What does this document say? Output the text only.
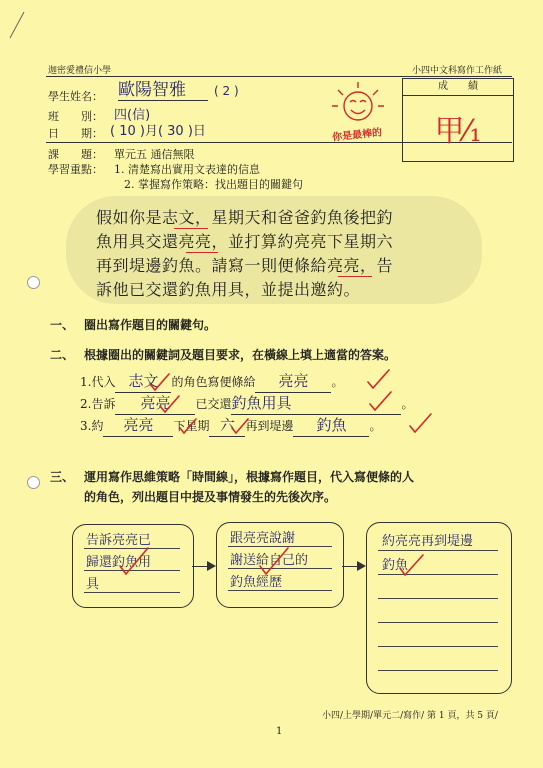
迦密愛禮信小學	小四中文科寫作工作紙
學生姓名： 歐陽智雅	( 2 )
班　　別： 四(信)
日　　期： ( 10 )月( 30 )日
課　　題： 單元五 通信無限
學習重點： 1. 清楚寫出實用文表達的信息
2. 掌握寫作策略：找出題目的關鍵句
你是最棒的
成　　績
甲⁄₁
假如你是志文，星期天和爸爸釣魚後把釣
魚用具交還亮亮，並打算約亮亮下星期六
再到堤邊釣魚。請寫一則便條給亮亮，告
訴他已交還釣魚用具，並提出邀約。
一、 圈出寫作題目的關鍵句。
二、 根據圈出的關鍵詞及題目要求，在橫線上填上適當的答案。
1.代入 志文 的角色寫便條給 亮亮 。
2.告訴 亮亮 已交還釣魚用具	。
3.約 亮亮 下星期 六 再到堤邊 釣魚 。
三、 運用寫作思維策略「時間線」，根據寫作題目，代入寫便條的人
的角色，列出題目中提及事情發生的先後次序。
告訴亮亮已
歸還釣魚用
具
跟亮亮說謝
謝送給自己的
釣魚經歷
約亮亮再到堤邊
釣魚
小四/上學期/單元二/寫作/ 第 1 頁，共 5 頁/
1
